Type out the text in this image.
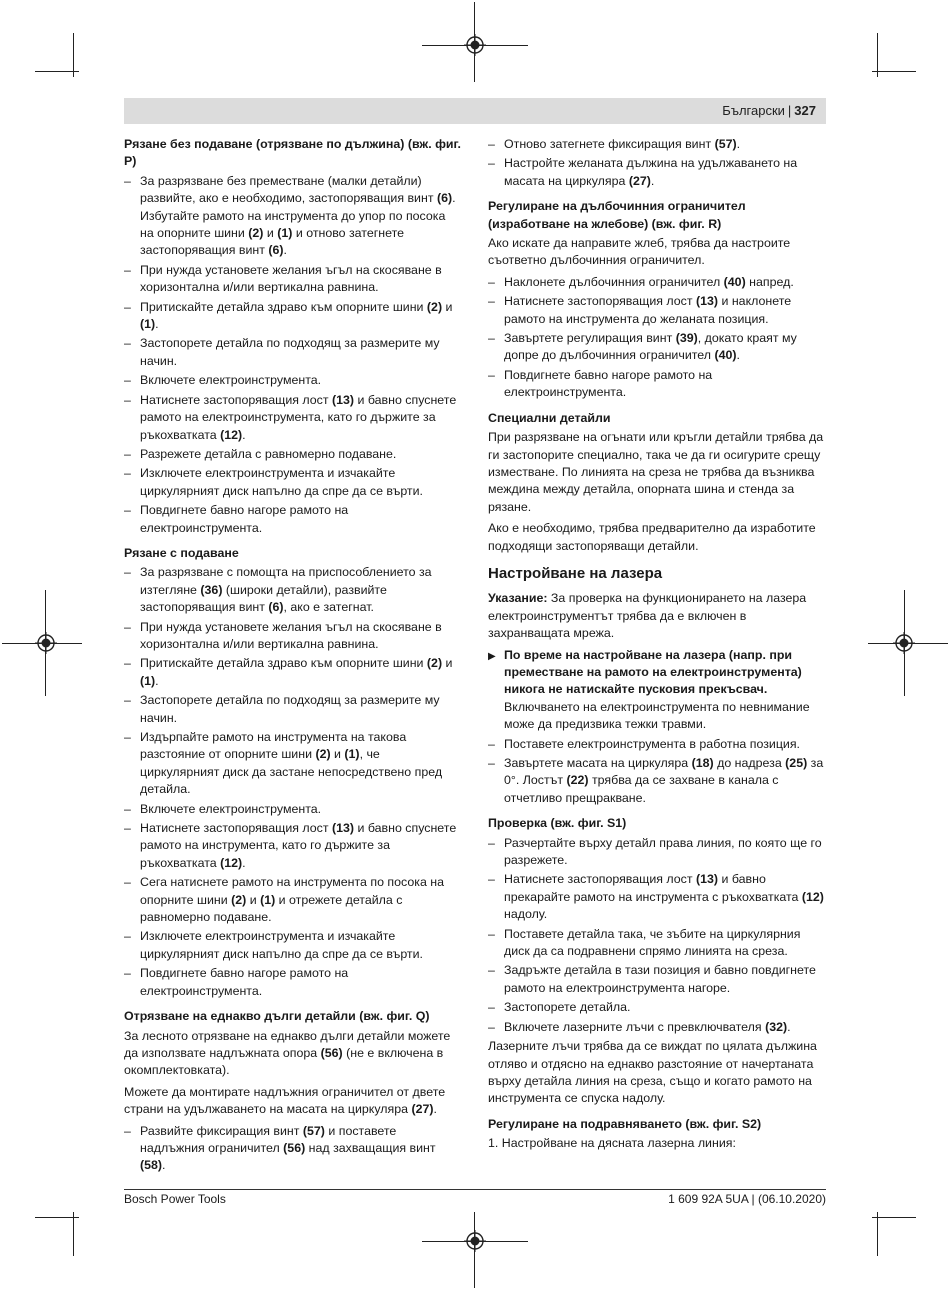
Български | 327
Рязане без подаване (отрязване по дължина) (вж. фиг. P)
– За разрязване без преместване (малки детайли) развийте, ако е необходимо, застопоряващия винт (6). Избутайте рамото на инструмента до упор по посока на опорните шини (2) и (1) и отново затегнете застопоряващия винт (6).
– При нужда установете желания ъгъл на скосяване в хоризонтална и/или вертикална равнина.
– Притискайте детайла здраво към опорните шини (2) и (1).
– Застопорете детайла по подходящ за размерите му начин.
– Включете електроинструмента.
– Натиснете застопоряващия лост (13) и бавно спуснете рамото на електроинструмента, като го държите за ръкохватката (12).
– Разрежете детайла с равномерно подаване.
– Изключете електроинструмента и изчакайте циркулярният диск напълно да спре да се върти.
– Повдигнете бавно нагоре рамото на електроинструмента.
Рязане с подаване
– За разрязване с помощта на приспособлението за изтегляне (36) (широки детайли), развийте застопоряващия винт (6), ако е затегнат.
– При нужда установете желания ъгъл на скосяване в хоризонтална и/или вертикална равнина.
– Притискайте детайла здраво към опорните шини (2) и (1).
– Застопорете детайла по подходящ за размерите му начин.
– Издърпайте рамото на инструмента на такова разстояние от опорните шини (2) и (1), че циркулярният диск да застане непосредствено пред детайла.
– Включете електроинструмента.
– Натиснете застопоряващия лост (13) и бавно спуснете рамото на инструмента, като го държите за ръкохватката (12).
– Сега натиснете рамото на инструмента по посока на опорните шини (2) и (1) и отрежете детайла с равномерно подаване.
– Изключете електроинструмента и изчакайте циркулярният диск напълно да спре да се върти.
– Повдигнете бавно нагоре рамото на електроинструмента.
Отрязване на еднакво дълги детайли (вж. фиг. Q)
За лесното отрязване на еднакво дълги детайли можете да използвате надлъжната опора (56) (не е включена в окомплектовката).
Можете да монтирате надлъжния ограничител от двете страни на удължаването на масата на циркуляра (27).
– Развийте фиксиращия винт (57) и поставете надлъжния ограничител (56) над захващащия винт (58).
– Отново затегнете фиксиращия винт (57).
– Настройте желаната дължина на удължаването на масата на циркуляра (27).
Регулиране на дълбочинния ограничител (изработване на жлебове) (вж. фиг. R)
Ако искате да направите жлеб, трябва да настроите съответно дълбочинния ограничител.
– Наклонете дълбочинния ограничител (40) напред.
– Натиснете застопоряващия лост (13) и наклонете рамото на инструмента до желаната позиция.
– Завъртете регулиращия винт (39), докато краят му допре до дълбочинния ограничител (40).
– Повдигнете бавно нагоре рамото на електроинструмента.
Специални детайли
При разрязване на огънати или кръгли детайли трябва да ги застопорите специално, така че да ги осигурите срещу изместване. По линията на среза не трябва да възниква междина между детайла, опорната шина и стенда за рязане.
Ако е необходимо, трябва предварително да изработите подходящи застопоряващи детайли.
Настройване на лазера
Указание: За проверка на функционирането на лазера електроинструментът трябва да е включен в захранващата мрежа.
▶ По време на настройване на лазера (напр. при преместване на рамото на електроинструмента) никога не натискайте пусковия прекъсвач. Включването на електроинструмента по невнимание може да предизвика тежки травми.
– Поставете електроинструмента в работна позиция.
– Завъртете масата на циркуляра (18) до надреза (25) за 0°. Лостът (22) трябва да се захване в канала с отчетливо прещракване.
Проверка (вж. фиг. S1)
– Разчертайте върху детайл права линия, по която ще го разрежете.
– Натиснете застопоряващия лост (13) и бавно прекарайте рамото на инструмента с ръкохватката (12) надолу.
– Поставете детайла така, че зъбите на циркулярния диск да са подравнени спрямо линията на среза.
– Задръжте детайла в тази позиция и бавно повдигнете рамото на електроинструмента нагоре.
– Застопорете детайла.
– Включете лазерните лъчи с превключвателя (32).
Лазерните лъчи трябва да се виждат по цялата дължина отляво и отдясно на еднакво разстояние от начертаната върху детайла линия на среза, също и когато рамото на инструмента се спуска надолу.
Регулиране на подравняването (вж. фиг. S2)
1. Настройване на дясната лазерна линия:
Bosch Power Tools	1 609 92A 5UA | (06.10.2020)
